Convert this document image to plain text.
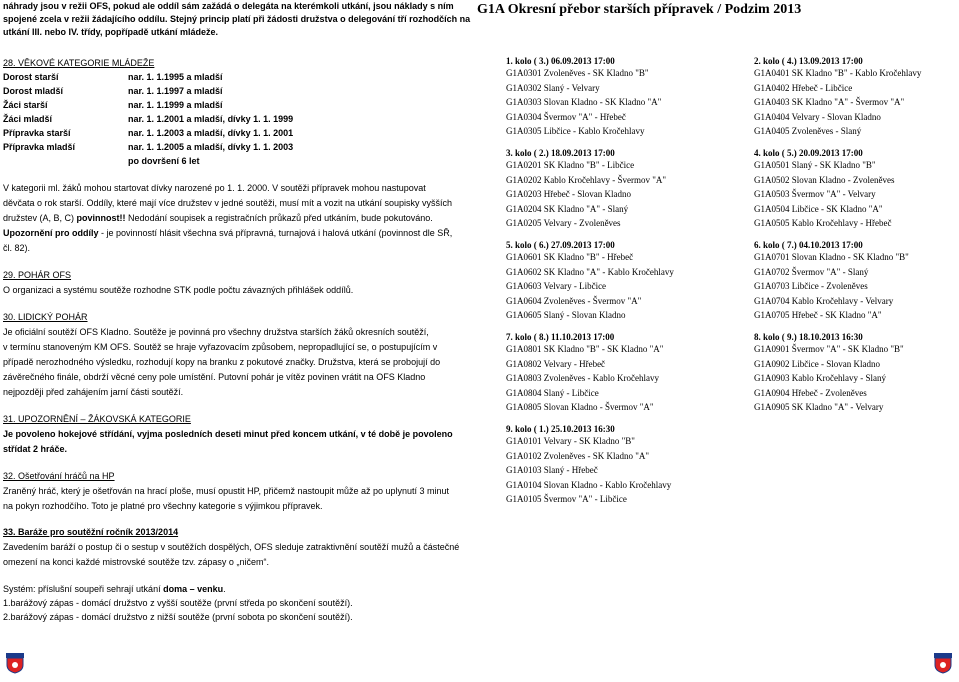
náhrady jsou v režii OFS, pokud ale oddíl sám zažádá o delegáta na kterémkoli utkání, jsou náklady s ním
spojené zcela v režii žádajícího oddílu. Stejný princip platí při žádosti družstva o delegování tří rozhodčích na
utkání III. nebo IV. třídy, popřípadě utkání mládeže.
28. VĚKOVÉ KATEGORIE MLÁDEŽE
Dorost starší	nar. 1. 1.1995 a mladší
Dorost mladší	nar. 1. 1.1997 a mladší
Žáci starší	nar. 1. 1.1999 a mladší
Žáci mladší	nar. 1. 1.2001 a mladší, dívky 1. 1. 1999
Přípravka starší	nar. 1. 1.2003 a mladší, dívky 1. 1. 2001
Přípravka mladší	nar. 1. 1.2005 a mladší, dívky 1. 1. 2003
po dovršení 6 let
V kategorii ml. žáků mohou startovat dívky narozené po 1. 1. 2000. V soutěži přípravek mohou nastupovat
děvčata o rok starší. Oddíly, které mají více družstev v jedné soutěži, musí mít a vozit na utkání soupisky vyšších
družstev (A, B, C) povinnost!! Nedodání soupisek a registračních průkazů před utkáním, bude pokutováno.
Upozornění pro oddíly - je povinností hlásit všechna svá přípravná, turnajová i halová utkání (povinnost dle SŘ,
čl. 82).
29. POHÁR OFS
O organizaci a systému soutěže rozhodne STK podle počtu závazných přihlášek oddílů.
30. LIDICKÝ POHÁR
Je oficiální soutěží OFS Kladno. Soutěže je povinná pro všechny družstva starších žáků okresních soutěží,
v termínu stanoveným KM OFS. Soutěž se hraje vyřazovacím způsobem, nepropadlující se, o postupujícím v
případě nerozhodného výsledku, rozhodují kopy na branku z pokutové značky. Družstva, která se probojují do
závěrečného finále, obdrží věcné ceny pole umístění. Putovní pohár je vítěz povinen vrátit na OFS Kladno
nejpozději před zahájením jarní části soutěží.
31. UPOZORNĚNÍ – ŽÁKOVSKÁ KATEGORIE
Je povoleno hokejové střídání, vyjma posledních deseti minut před koncem utkání, v té době je povoleno
střídat 2 hráče.
32. Ošetřování hráčů na HP
Zraněný hráč, který je ošetřován na hrací ploše, musí opustit HP, přičemž nastoupit může až po uplynutí 3 minut
na pokyn rozhodčího. Toto je platné pro všechny kategorie s výjimkou přípravek.
33. Baráže pro soutěžní ročník 2013/2014
Zavedením baráží o postup či o sestup v soutěžích dospělých, OFS sleduje zatraktivnění soutěží mužů a částečné
omezení na konci každé mistrovské soutěže tzv. zápasy o „ničem“.
Systém: příslušní soupeři sehrají utkání doma – venku.
1.barážový zápas - domácí družstvo z vyšší soutěže (první středa po skončení soutěží).
2.barážový zápas - domácí družstvo z nižší soutěže (první sobota po skončení soutěží).
G1A Okresní přebor starších přípravek / Podzim 2013
1. kolo ( 3.) 06.09.2013 17:00
G1A0301 Zvoleněves - SK Kladno "B"
G1A0302 Slaný - Velvary
G1A0303 Slovan Kladno - SK Kladno "A"
G1A0304 Švermov "A" - Hřebeč
G1A0305 Libčice - Kablo Kročehlavy
2. kolo ( 4.) 13.09.2013 17:00
G1A0401 SK Kladno "B" - Kablo Kročehlavy
G1A0402 Hřebeč - Libčice
G1A0403 SK Kladno "A" - Švermov "A"
G1A0404 Velvary - Slovan Kladno
G1A0405 Zvoleněves - Slaný
3. kolo ( 2.) 18.09.2013 17:00
G1A0201 SK Kladno "B" - Libčice
G1A0202 Kablo Kročehlavy - Švermov "A"
G1A0203 Hřebeč - Slovan Kladno
G1A0204 SK Kladno "A" - Slaný
G1A0205 Velvary - Zvoleněves
4. kolo ( 5.) 20.09.2013 17:00
G1A0501 Slaný - SK Kladno "B"
G1A0502 Slovan Kladno - Zvoleněves
G1A0503 Švermov "A" - Velvary
G1A0504 Libčice - SK Kladno "A"
G1A0505 Kablo Kročehlavy - Hřebeč
5. kolo ( 6.) 27.09.2013 17:00
G1A0601 SK Kladno "B" - Hřebeč
G1A0602 SK Kladno "A" - Kablo Kročehlavy
G1A0603 Velvary - Libčice
G1A0604 Zvoleněves - Švermov "A"
G1A0605 Slaný - Slovan Kladno
6. kolo ( 7.) 04.10.2013 17:00
G1A0701 Slovan Kladno - SK Kladno "B"
G1A0702 Švermov "A" - Slaný
G1A0703 Libčice - Zvoleněves
G1A0704 Kablo Kročehlavy - Velvary
G1A0705 Hřebeč - SK Kladno "A"
7. kolo ( 8.) 11.10.2013 17:00
G1A0801 SK Kladno "B" - SK Kladno "A"
G1A0802 Velvary - Hřebeč
G1A0803 Zvoleněves - Kablo Kročehlavy
G1A0804 Slaný - Libčice
G1A0805 Slovan Kladno - Švermov "A"
8. kolo ( 9.) 18.10.2013 16:30
G1A0901 Švermov "A" - SK Kladno "B"
G1A0902 Libčice - Slovan Kladno
G1A0903 Kablo Kročehlavy - Slaný
G1A0904 Hřebeč - Zvoleněves
G1A0905 SK Kladno "A" - Velvary
9. kolo ( 1.) 25.10.2013 16:30
G1A0101 Velvary - SK Kladno "B"
G1A0102 Zvoleněves - SK Kladno "A"
G1A0103 Slaný - Hřebeč
G1A0104 Slovan Kladno - Kablo Kročehlavy
G1A0105 Švermov "A" - Libčice
